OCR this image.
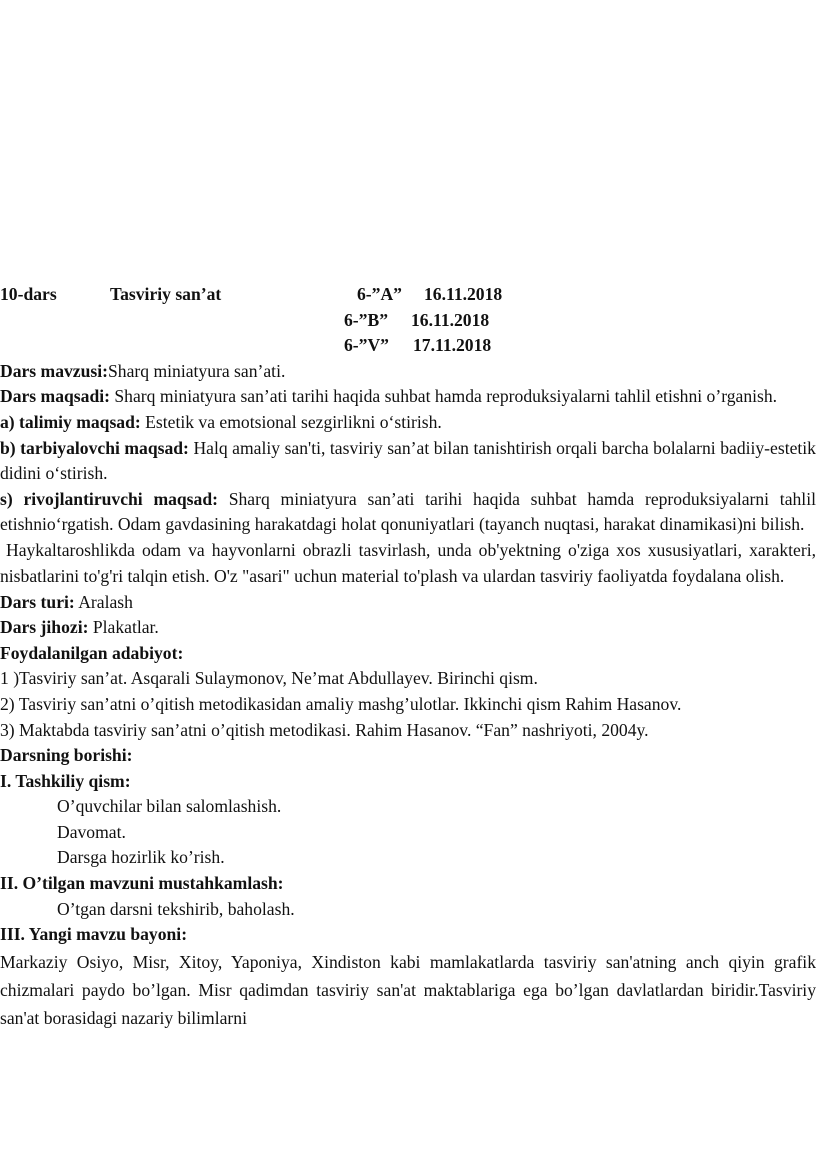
10-dars	Tasviriy san’at	6-”A” 16.11.2018
6-”B” 16.11.2018
6-”V” 17.11.2018
Dars mavzusi:Sharq miniatyura san’ati.
Dars maqsadi: Sharq miniatyura san’ati tarihi haqida suhbat hamda reproduksiyalarni tahlil etishni o’rganish.
a) talimiy maqsad: Estetik va emotsional sezgirlikni o‘stirish.
b) tarbiyalovchi maqsad: Halq amaliy san'ti, tasviriy san’at bilan tanishtirish orqali barcha bolalarni badiiy-estetik didini o‘stirish.
s) rivojlantiruvchi maqsad: Sharq miniatyura san’ati tarihi haqida suhbat hamda reproduksiyalarni tahlil etishnio‘rgatish. Odam gavdasining harakatdagi holat qonuniyatlari (tayanch nuqtasi, harakat dinamikasi)ni bilish.
Haykaltaroshlikda odam va hayvonlarni obrazli tasvirlash, unda ob'yektning o'ziga xos xususiyatlari, xarakteri, nisbatlarini to'g'ri talqin etish. O'z "asari" uchun material to'plash va ulardan tasviriy faoliyatda foydalana olish.
Dars turi: Aralash
Dars jihozi: Plakatlar.
Foydalanilgan adabiyot:
1 )Tasviriy san’at. Asqarali Sulaymonov, Ne’mat Abdullayev. Birinchi qism.
2) Tasviriy san’atni o’qitish metodikasidan amaliy mashg’ulotlar. Ikkinchi qism Rahim Hasanov.
3) Maktabda tasviriy san’atni o’qitish metodikasi. Rahim Hasanov. “Fan” nashriyoti, 2004y.
Darsning borishi:
I. Tashkiliy qism:
O’quvchilar bilan salomlashish.
Davomat.
Darsga hozirlik ko’rish.
II. O’tilgan mavzuni mustahkamlash:
O’tgan darsni tekshirib, baholash.
III. Yangi mavzu bayoni:
Markaziy Osiyo, Misr, Xitoy, Yaponiya, Xindiston kabi mamlakatlarda tasviriy san'atning anch qiyin grafik chizmalari paydo bo’lgan. Misr qadimdan tasviriy san'at maktablariga ega bo’lgan davlatlardan biridir.Tasviriy san'at borasidagi nazariy bilimlarni
